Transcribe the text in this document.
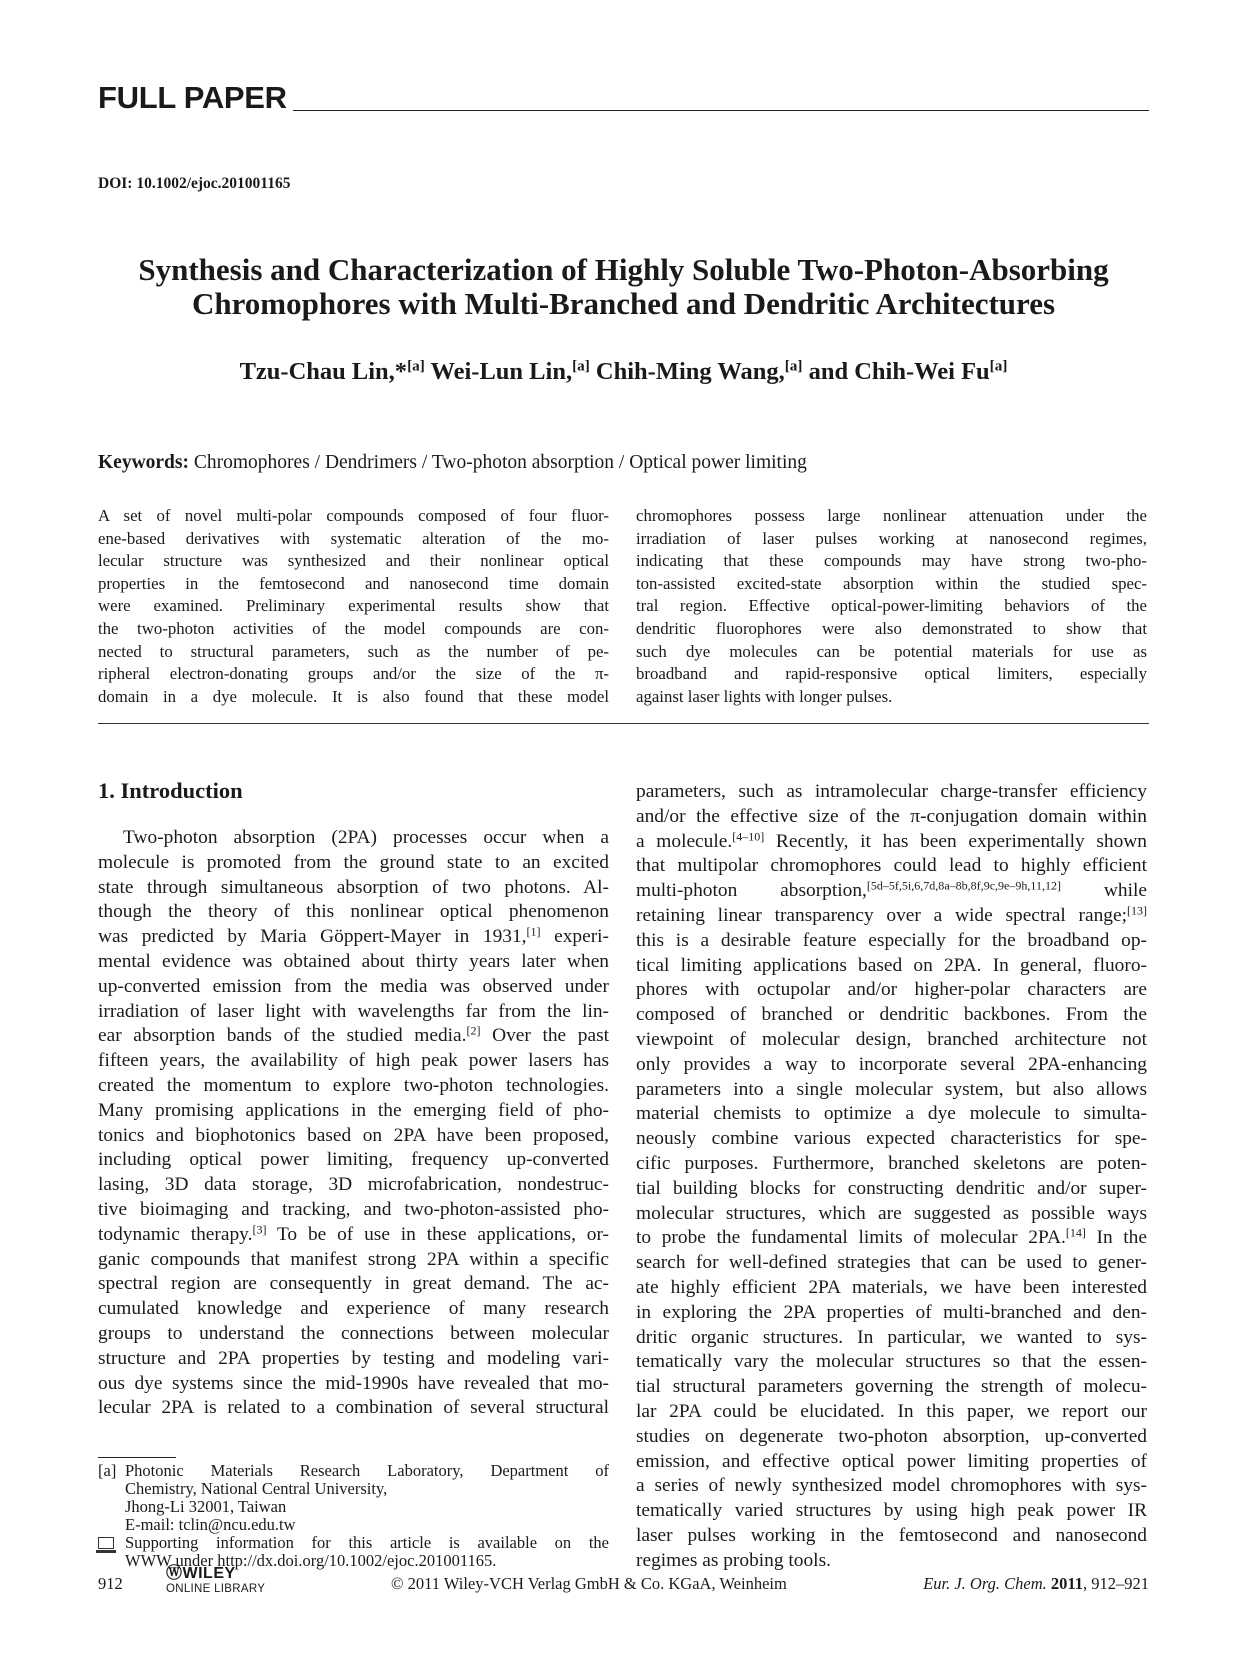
FULL PAPER
DOI: 10.1002/ejoc.201001165
Synthesis and Characterization of Highly Soluble Two-Photon-Absorbing
Chromophores with Multi-Branched and Dendritic Architectures
Tzu-Chau Lin,*[a] Wei-Lun Lin,[a] Chih-Ming Wang,[a] and Chih-Wei Fu[a]
Keywords: Chromophores / Dendrimers / Two-photon absorption / Optical power limiting
A set of novel multi-polar compounds composed of four fluor-
ene-based derivatives with systematic alteration of the mo-
lecular structure was synthesized and their nonlinear optical
properties in the femtosecond and nanosecond time domain
were examined. Preliminary experimental results show that
the two-photon activities of the model compounds are con-
nected to structural parameters, such as the number of pe-
ripheral electron-donating groups and/or the size of the π-
domain in a dye molecule. It is also found that these model
chromophores possess large nonlinear attenuation under the
irradiation of laser pulses working at nanosecond regimes,
indicating that these compounds may have strong two-pho-
ton-assisted excited-state absorption within the studied spec-
tral region. Effective optical-power-limiting behaviors of the
dendritic fluorophores were also demonstrated to show that
such dye molecules can be potential materials for use as
broadband and rapid-responsive optical limiters, especially
against laser lights with longer pulses.
1. Introduction
Two-photon absorption (2PA) processes occur when a
molecule is promoted from the ground state to an excited
state through simultaneous absorption of two photons. Al-
though the theory of this nonlinear optical phenomenon
was predicted by Maria Göppert-Mayer in 1931,[1] experi-
mental evidence was obtained about thirty years later when
up-converted emission from the media was observed under
irradiation of laser light with wavelengths far from the lin-
ear absorption bands of the studied media.[2] Over the past
fifteen years, the availability of high peak power lasers has
created the momentum to explore two-photon technologies.
Many promising applications in the emerging field of pho-
tonics and biophotonics based on 2PA have been proposed,
including optical power limiting, frequency up-converted
lasing, 3D data storage, 3D microfabrication, nondestruc-
tive bioimaging and tracking, and two-photon-assisted pho-
todynamic therapy.[3] To be of use in these applications, or-
ganic compounds that manifest strong 2PA within a specific
spectral region are consequently in great demand. The ac-
cumulated knowledge and experience of many research
groups to understand the connections between molecular
structure and 2PA properties by testing and modeling vari-
ous dye systems since the mid-1990s have revealed that mo-
lecular 2PA is related to a combination of several structural
parameters, such as intramolecular charge-transfer efficiency
and/or the effective size of the π-conjugation domain within
a molecule.[4–10] Recently, it has been experimentally shown
that multipolar chromophores could lead to highly efficient
multi-photon absorption,[5d–5f,5i,6,7d,8a–8b,8f,9c,9e–9h,11,12] while
retaining linear transparency over a wide spectral range;[13]
this is a desirable feature especially for the broadband op-
tical limiting applications based on 2PA. In general, fluoro-
phores with octupolar and/or higher-polar characters are
composed of branched or dendritic backbones. From the
viewpoint of molecular design, branched architecture not
only provides a way to incorporate several 2PA-enhancing
parameters into a single molecular system, but also allows
material chemists to optimize a dye molecule to simulta-
neously combine various expected characteristics for spe-
cific purposes. Furthermore, branched skeletons are poten-
tial building blocks for constructing dendritic and/or super-
molecular structures, which are suggested as possible ways
to probe the fundamental limits of molecular 2PA.[14] In the
search for well-defined strategies that can be used to gener-
ate highly efficient 2PA materials, we have been interested
in exploring the 2PA properties of multi-branched and den-
dritic organic structures. In particular, we wanted to sys-
tematically vary the molecular structures so that the essen-
tial structural parameters governing the strength of molecu-
lar 2PA could be elucidated. In this paper, we report our
studies on degenerate two-photon absorption, up-converted
emission, and effective optical power limiting properties of
a series of newly synthesized model chromophores with sys-
tematically varied structures by using high peak power IR
laser pulses working in the femtosecond and nanosecond
regimes as probing tools.
[a] Photonic Materials Research Laboratory, Department of
Chemistry, National Central University,
Jhong-Li 32001, Taiwan
E-mail: tclin@ncu.edu.tw
Supporting information for this article is available on the
WWW under http://dx.doi.org/10.1002/ejoc.201001165.
912
ⓌWILEY
ONLINE LIBRARY	© 2011 Wiley-VCH Verlag GmbH & Co. KGaA, Weinheim	Eur. J. Org. Chem. 2011, 912–921
